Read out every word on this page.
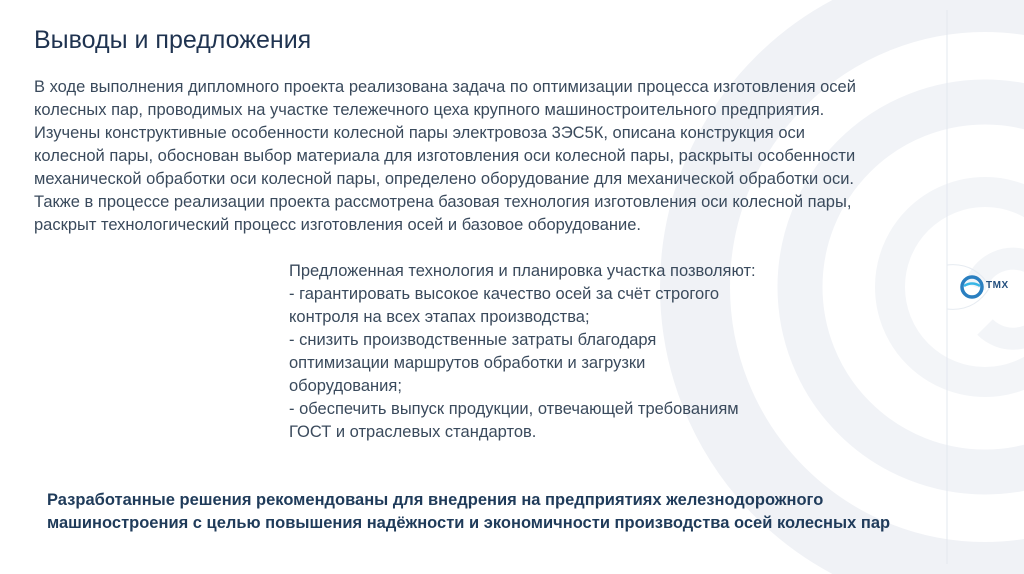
Выводы и предложения
В ходе выполнения дипломного проекта реализована задача по оптимизации процесса изготовления осей
колесных пар, проводимых на участке тележечного цеха крупного машиностроительного предприятия.
Изучены конструктивные особенности колесной пары электровоза 3ЭС5К, описана конструкция оси
колесной пары, обоснован выбор материала для изготовления оси колесной пары, раскрыты особенности
механической обработки оси колесной пары, определено оборудование для механической обработки оси.
Также в процессе реализации проекта рассмотрена базовая технология изготовления оси колесной пары,
раскрыт технологический процесс изготовления осей и базовое оборудование.
Предложенная технология и планировка участка позволяют:
- гарантировать высокое качество осей за счёт строгого
контроля на всех этапах производства;
- снизить производственные затраты благодаря
оптимизации маршрутов обработки и загрузки
оборудования;
- обеспечить выпуск продукции, отвечающей требованиям
ГОСТ и отраслевых стандартов.
Разработанные решения рекомендованы для внедрения на предприятиях железнодорожного
машиностроения с целью повышения надёжности и экономичности производства осей колесных пар
ТМХ
